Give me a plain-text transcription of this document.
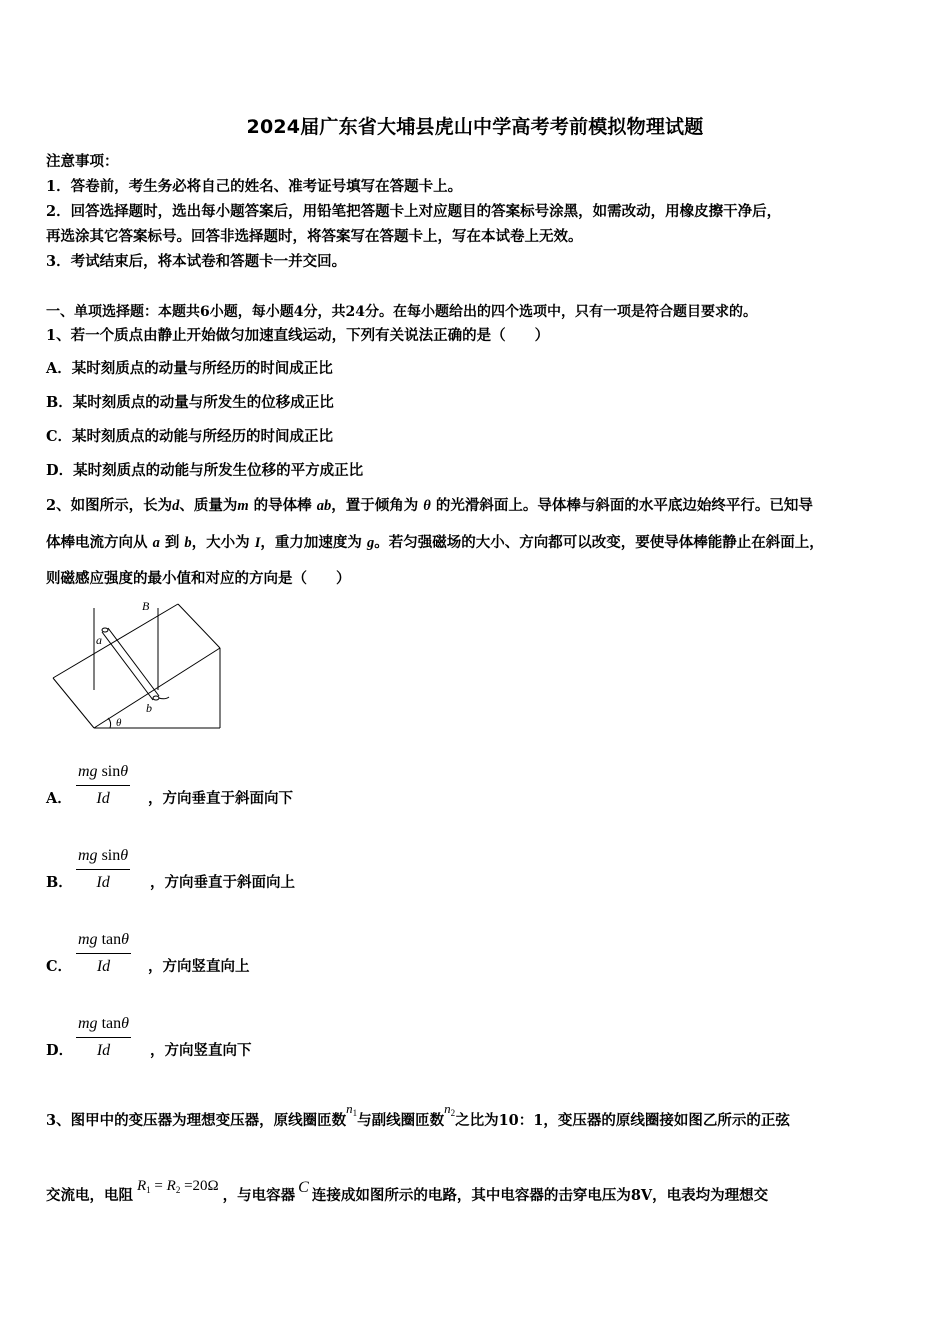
2024届广东省大埔县虎山中学高考考前模拟物理试题
注意事项：
1．答卷前，考生务必将自己的姓名、准考证号填写在答题卡上。
2．回答选择题时，选出每小题答案后，用铅笔把答题卡上对应题目的答案标号涂黑，如需改动，用橡皮擦干净后，
再选涂其它答案标号。回答非选择题时，将答案写在答题卡上，写在本试卷上无效。
3．考试结束后，将本试卷和答题卡一并交回。
一、单项选择题：本题共6小题，每小题4分，共24分。在每小题给出的四个选项中，只有一项是符合题目要求的。
1、若一个质点由静止开始做匀加速直线运动，下列有关说法正确的是（　　）
A．某时刻质点的动量与所经历的时间成正比
B．某时刻质点的动量与所发生的位移成正比
C．某时刻质点的动能与所经历的时间成正比
D．某时刻质点的动能与所发生位移的平方成正比
2、如图所示，长为d、质量为m 的导体棒 ab，置于倾角为 θ 的光滑斜面上。导体棒与斜面的水平底边始终平行。已知导
体棒电流方向从 a 到 b，大小为 I，重力加速度为 g。若匀强磁场的大小、方向都可以改变，要使导体棒能静止在斜面上，
则磁感应强度的最小值和对应的方向是（　　）
B
a
b
θ
A．
mg sinθ
Id	，方向垂直于斜面向下
B．
mg sinθ
Id	，方向垂直于斜面向上
C．
mg tanθ
Id	，方向竖直向上
D．
mg tanθ
Id	，方向竖直向下
3、图甲中的变压器为理想变压器，原线圈匝数$n_1$与副线圈匝数$n_2$之比为10：1，变压器的原线圈接如图乙所示的正弦
交流电，电阻$R_1 = R_2 =20\Omega$，与电容器 C 连接成如图所示的电路，其中电容器的击穿电压为8V，电表均为理想交
